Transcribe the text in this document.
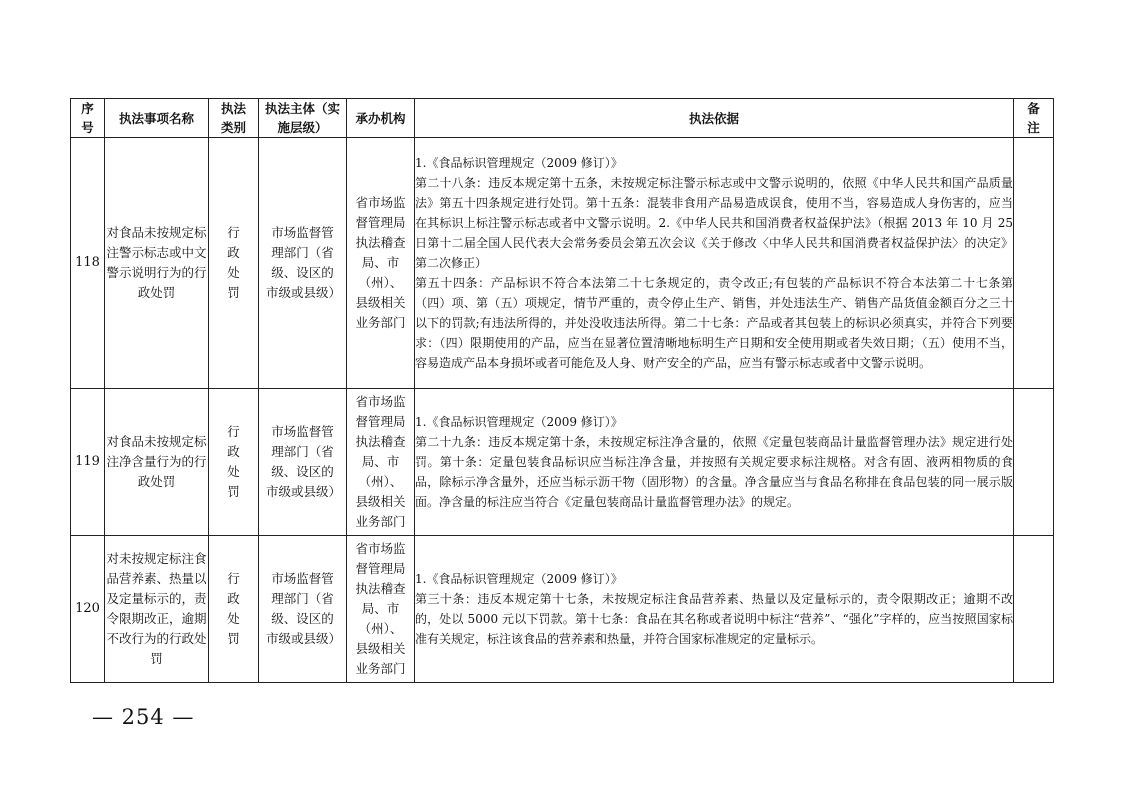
序号	执法事项名称	执法类别	执法主体（实施层级）	承办机构	执法依据	备注
118	对食品未按规定标注警示标志或中文警示说明行为的行政处罚	行政处罚	市场监督管理部门（省级、设区的市级或县级）	省市场监督管理局执法稽查局、市（州）、县级相关业务部门	1.《食品标识管理规定（2009 修订）》

第二十八条：违反本规定第十五条，未按规定标注警示标志或中文警示说明的，依照《中华人民共和国产品质量法》第五十四条规定进行处罚。第十五条：混装非食用产品易造成误食，使用不当，容易造成人身伤害的，应当在其标识上标注警示标志或者中文警示说明。2.《中华人民共和国消费者权益保护法》（根据 2013 年 10 月 25 日第十二届全国人民代表大会常务委员会第五次会议《关于修改〈中华人民共和国消费者权益保护法〉的决定》第二次修正）

第五十四条：产品标识不符合本法第二十七条规定的，责令改正;有包装的产品标识不符合本法第二十七条第（四）项、第（五）项规定，情节严重的，责令停止生产、销售，并处违法生产、销售产品货值金额百分之三十以下的罚款;有违法所得的，并处没收违法所得。第二十七条：产品或者其包装上的标识必须真实，并符合下列要求：（四）限期使用的产品，应当在显著位置清晰地标明生产日期和安全使用期或者失效日期；（五）使用不当，容易造成产品本身损坏或者可能危及人身、财产安全的产品，应当有警示标志或者中文警示说明。	

119	对食品未按规定标注净含量行为的行政处罚	行政处罚	市场监督管理部门（省级、设区的市级或县级）	省市场监督管理局执法稽查局、市（州）、县级相关业务部门	1.《食品标识管理规定（2009 修订）》

第二十九条：违反本规定第十条，未按规定标注净含量的，依照《定量包装商品计量监督管理办法》规定进行处罚。第十条：定量包装食品标识应当标注净含量，并按照有关规定要求标注规格。对含有固、液两相物质的食品，除标示净含量外，还应当标示沥干物（固形物）的含量。净含量应当与食品名称排在食品包装的同一展示版面。净含量的标注应当符合《定量包装商品计量监督管理办法》的规定。	

120	对未按规定标注食品营养素、热量以及定量标示的，责令限期改正，逾期不改行为的行政处罚	行政处罚	市场监督管理部门（省级、设区的市级或县级）	省市场监督管理局执法稽查局、市（州）、县级相关业务部门	1.《食品标识管理规定（2009 修订）》

第三十条：违反本规定第十七条，未按规定标注食品营养素、热量以及定量标示的，责令限期改正；逾期不改的，处以 5000 元以下罚款。第十七条：食品在其名称或者说明中标注“营养”、“强化”字样的，应当按照国家标准有关规定，标注该食品的营养素和热量，并符合国家标准规定的定量标示。	

— 254 —
